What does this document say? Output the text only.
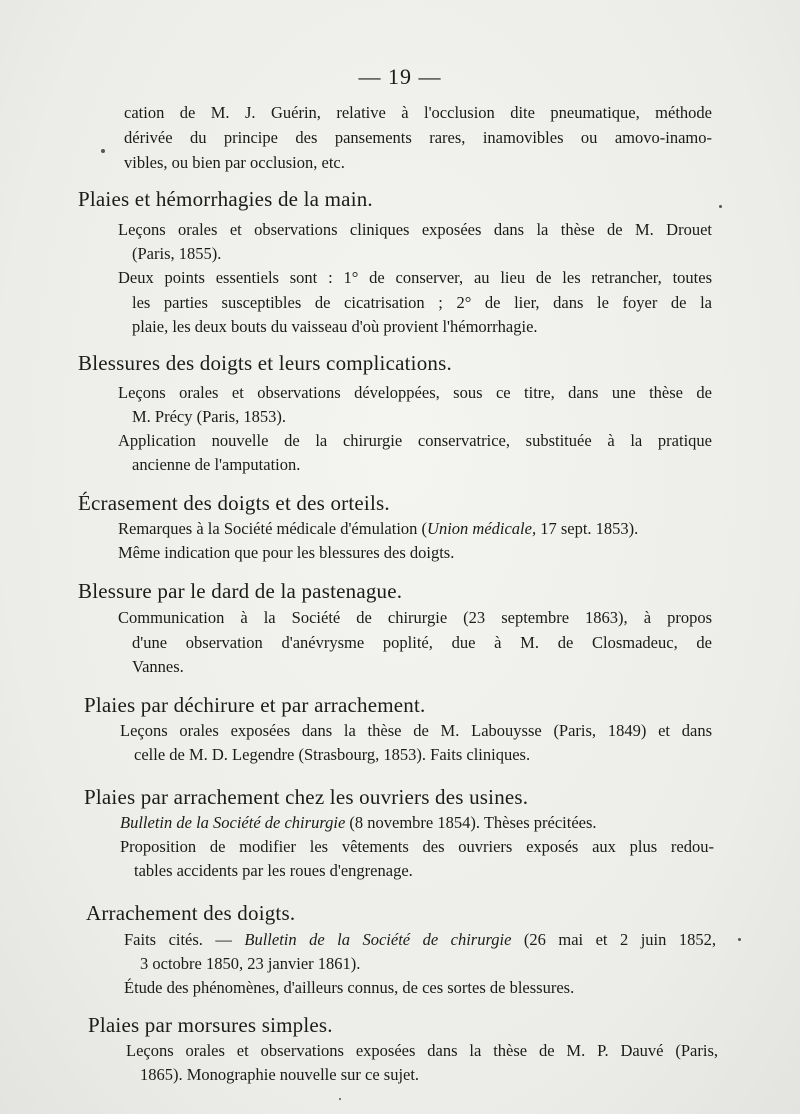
— 19 —
cation de M. J. Guérin, relative à l'occlusion dite pneumatique, méthode
dérivée du principe des pansements rares, inamovibles ou amovo-inamo-
vibles, ou bien par occlusion, etc.
Plaies et hémorrhagies de la main.
Leçons orales et observations cliniques exposées dans la thèse de M. Drouet
(Paris, 1855).
Deux points essentiels sont : 1° de conserver, au lieu de les retrancher, toutes
les parties susceptibles de cicatrisation ; 2° de lier, dans le foyer de la
plaie, les deux bouts du vaisseau d'où provient l'hémorrhagie.
Blessures des doigts et leurs complications.
Leçons orales et observations développées, sous ce titre, dans une thèse de
M. Précy (Paris, 1853).
Application nouvelle de la chirurgie conservatrice, substituée à la pratique
ancienne de l'amputation.
Écrasement des doigts et des orteils.
Remarques à la Société médicale d'émulation (Union médicale, 17 sept. 1853).
Même indication que pour les blessures des doigts.
Blessure par le dard de la pastenague.
Communication à la Société de chirurgie (23 septembre 1863), à propos
d'une observation d'anévrysme poplité, due à M. de Closmadeuc, de
Vannes.
Plaies par déchirure et par arrachement.
Leçons orales exposées dans la thèse de M. Labouysse (Paris, 1849) et dans
celle de M. D. Legendre (Strasbourg, 1853). Faits cliniques.
Plaies par arrachement chez les ouvriers des usines.
Bulletin de la Société de chirurgie (8 novembre 1854). Thèses précitées.
Proposition de modifier les vêtements des ouvriers exposés aux plus redou-
tables accidents par les roues d'engrenage.
Arrachement des doigts.
Faits cités. — Bulletin de la Société de chirurgie (26 mai et 2 juin 1852,
3 octobre 1850, 23 janvier 1861).
Étude des phénomènes, d'ailleurs connus, de ces sortes de blessures.
Plaies par morsures simples.
Leçons orales et observations exposées dans la thèse de M. P. Dauvé (Paris,
1865). Monographie nouvelle sur ce sujet.
